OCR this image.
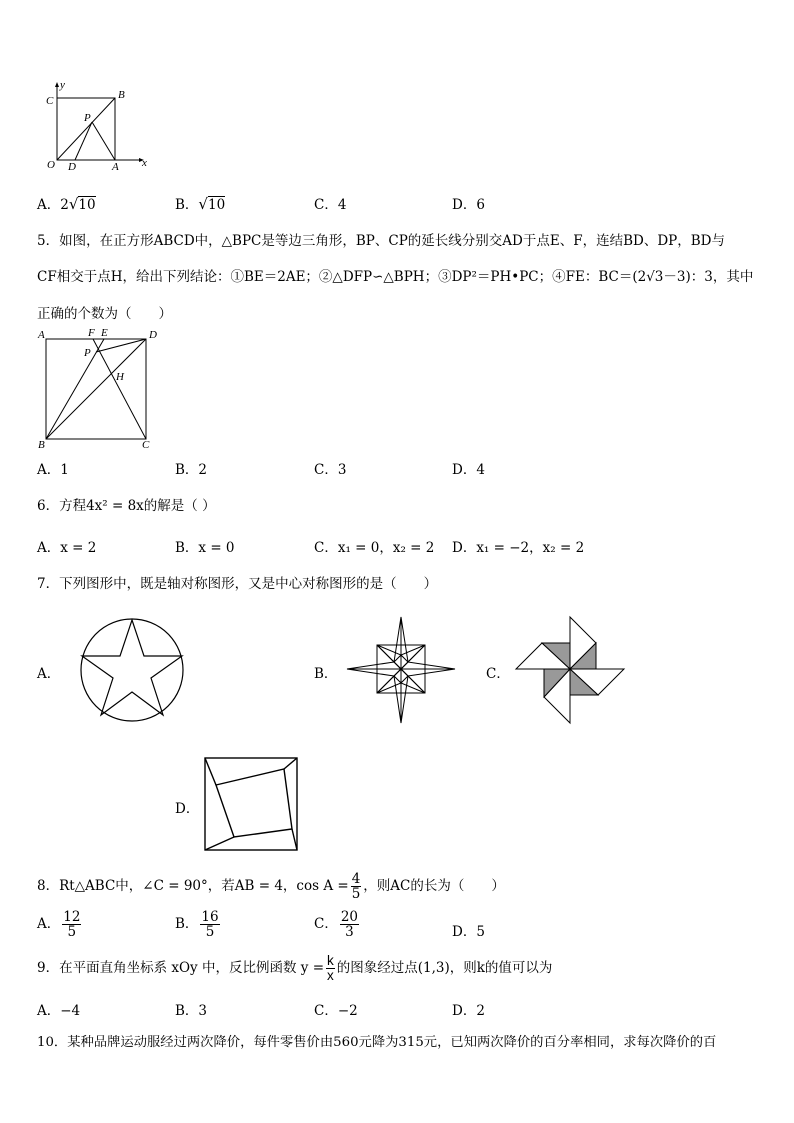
y
x
C	B
P
O D	A
A．2√10	B．√10	C．4	D．6
5．如图，在正方形ABCD中，△BPC是等边三角形，BP、CP的延长线分别交AD于点E、F，连结BD、DP，BD与
CF相交于点H，给出下列结论：①BE＝2AE；②△DFP∽△BPH；③DP²＝PH•PC；④FE：BC＝(2√3－3)：3，其中
正确的个数为（　　）
A	F E	D
P
H
B	C
A．1	B．2	C．3	D．4
6．方程4x² = 8x的解是（ ）
A．x = 2	B．x = 0	C．x₁ = 0，x₂ = 2 D．x₁ = −2，x₂ = 2
7．下列图形中，既是轴对称图形，又是中心对称图形的是（　　）
A．	B．	C．
D．
8．Rt△ABC中，∠C = 90°，若AB = 4，$\cos A = \frac{4}{5}$ ，则AC的长为（　　）
A． $\frac{12}{5}$	B． $\frac{16}{5}$	C． $\frac{20}{3}$	D．5
9．在平面直角坐标系 xOy 中，反比例函数 $y = \frac{k}{x}$ 的图象经过点(1,3)，则k的值可以为
A．−4	B．3	C．−2	D．2
10．某种品牌运动服经过两次降价，每件零售价由560元降为315元，已知两次降价的百分率相同，求每次降价的百
